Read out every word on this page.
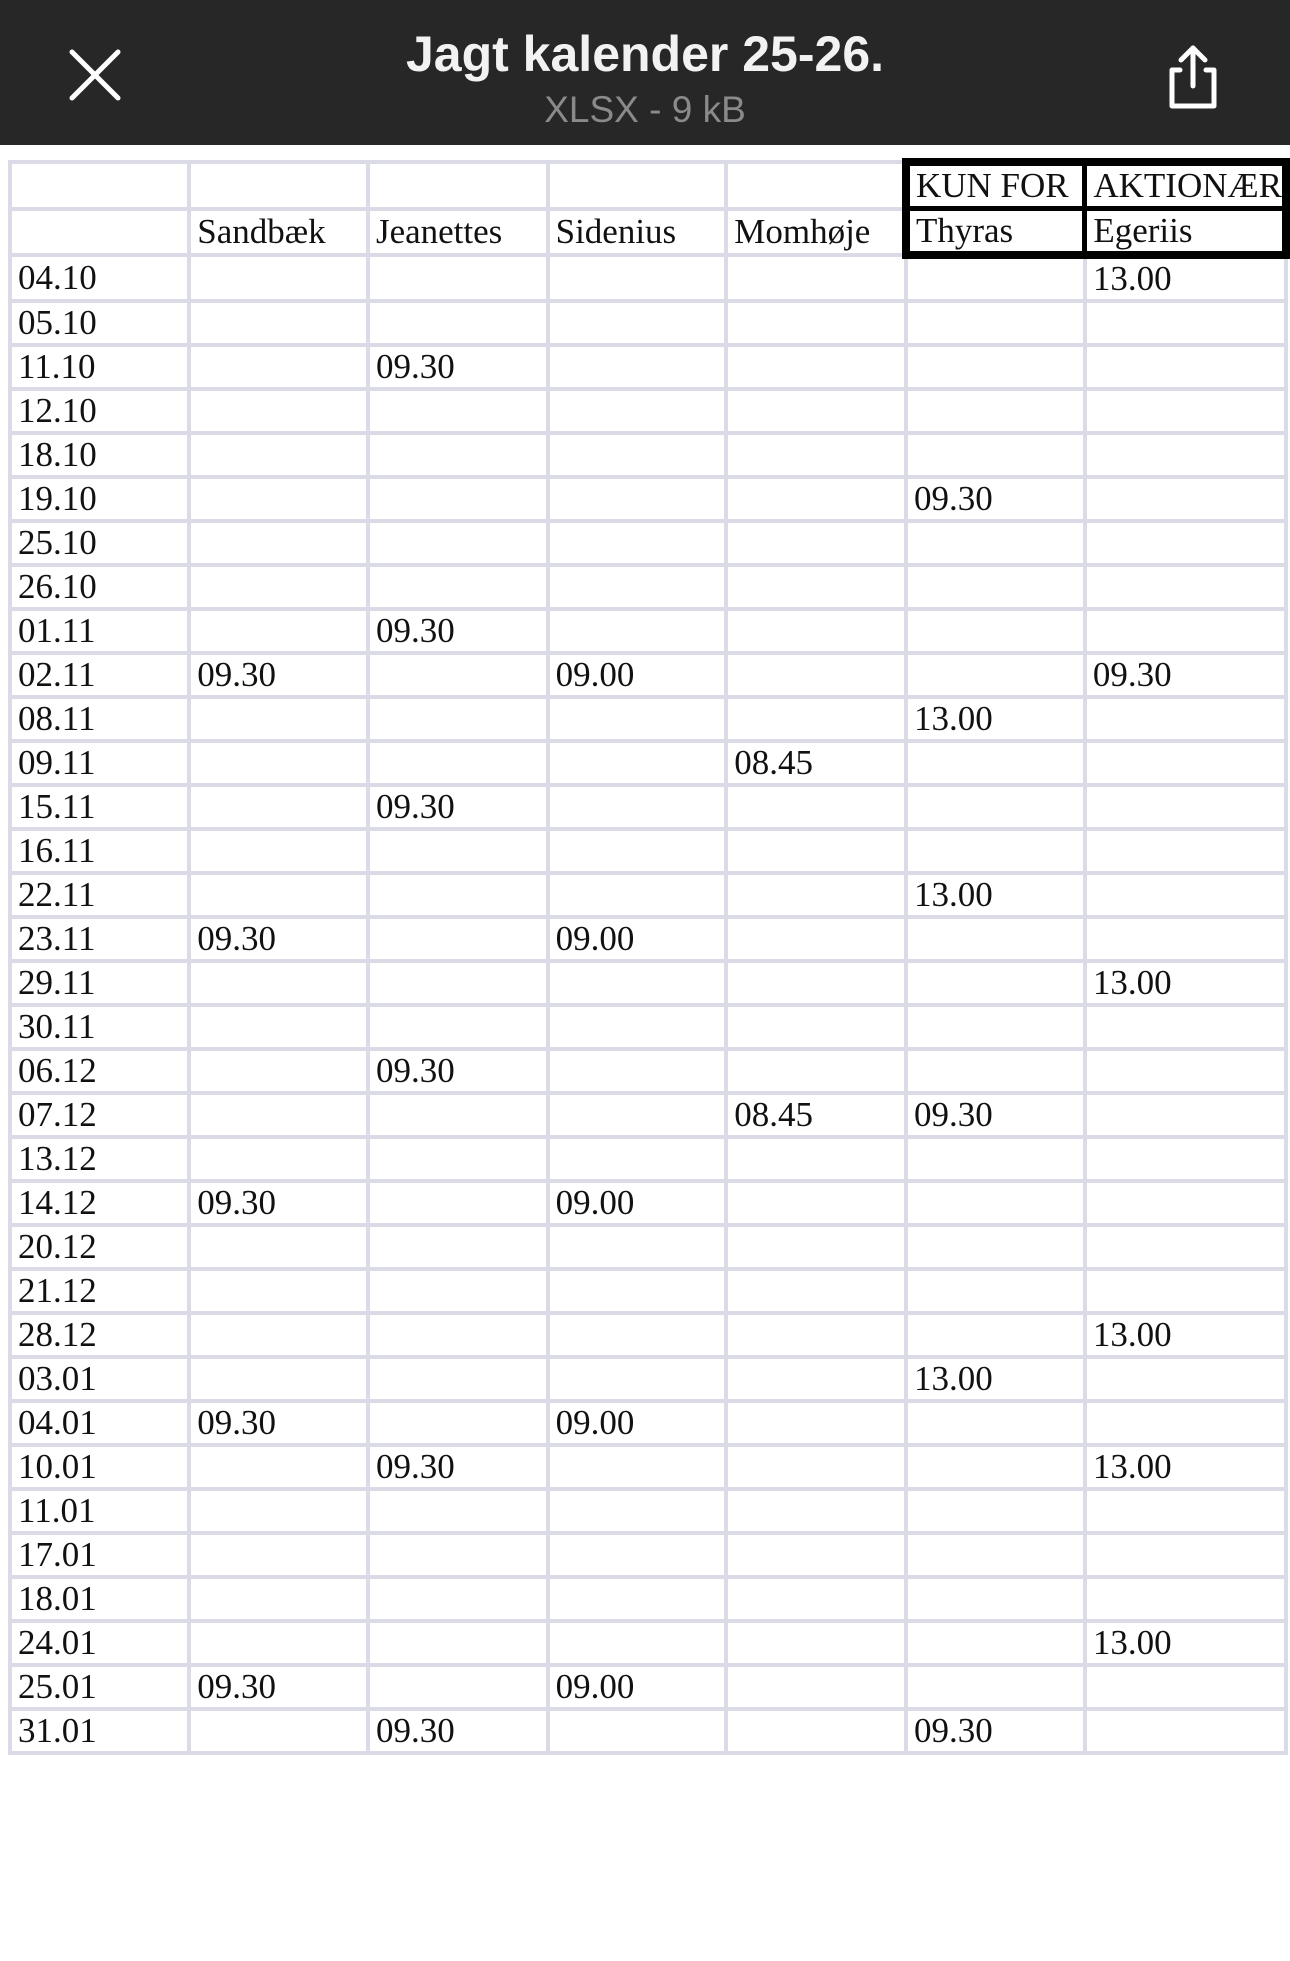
Jagt kalender 25-26.
XLSX - 9 kB
					KUN FOR	AKTIONÆR
	Sandbæk	Jeanettes	Sidenius	Momhøje	Thyras	Egeriis
04.10						13.00
05.10						
11.10		09.30				
12.10						
18.10						
19.10					09.30	
25.10						
26.10						
01.11		09.30				
02.11	09.30		09.00			09.30
08.11					13.00	
09.11				08.45		
15.11		09.30				
16.11						
22.11					13.00	
23.11	09.30		09.00			
29.11						13.00
30.11						
06.12		09.30				
07.12				08.45	09.30	
13.12						
14.12	09.30		09.00			
20.12						
21.12						
28.12						13.00
03.01					13.00	
04.01	09.30		09.00			
10.01		09.30				13.00
11.01						
17.01						
18.01						
24.01						13.00
25.01	09.30		09.00			
31.01		09.30			09.30	
